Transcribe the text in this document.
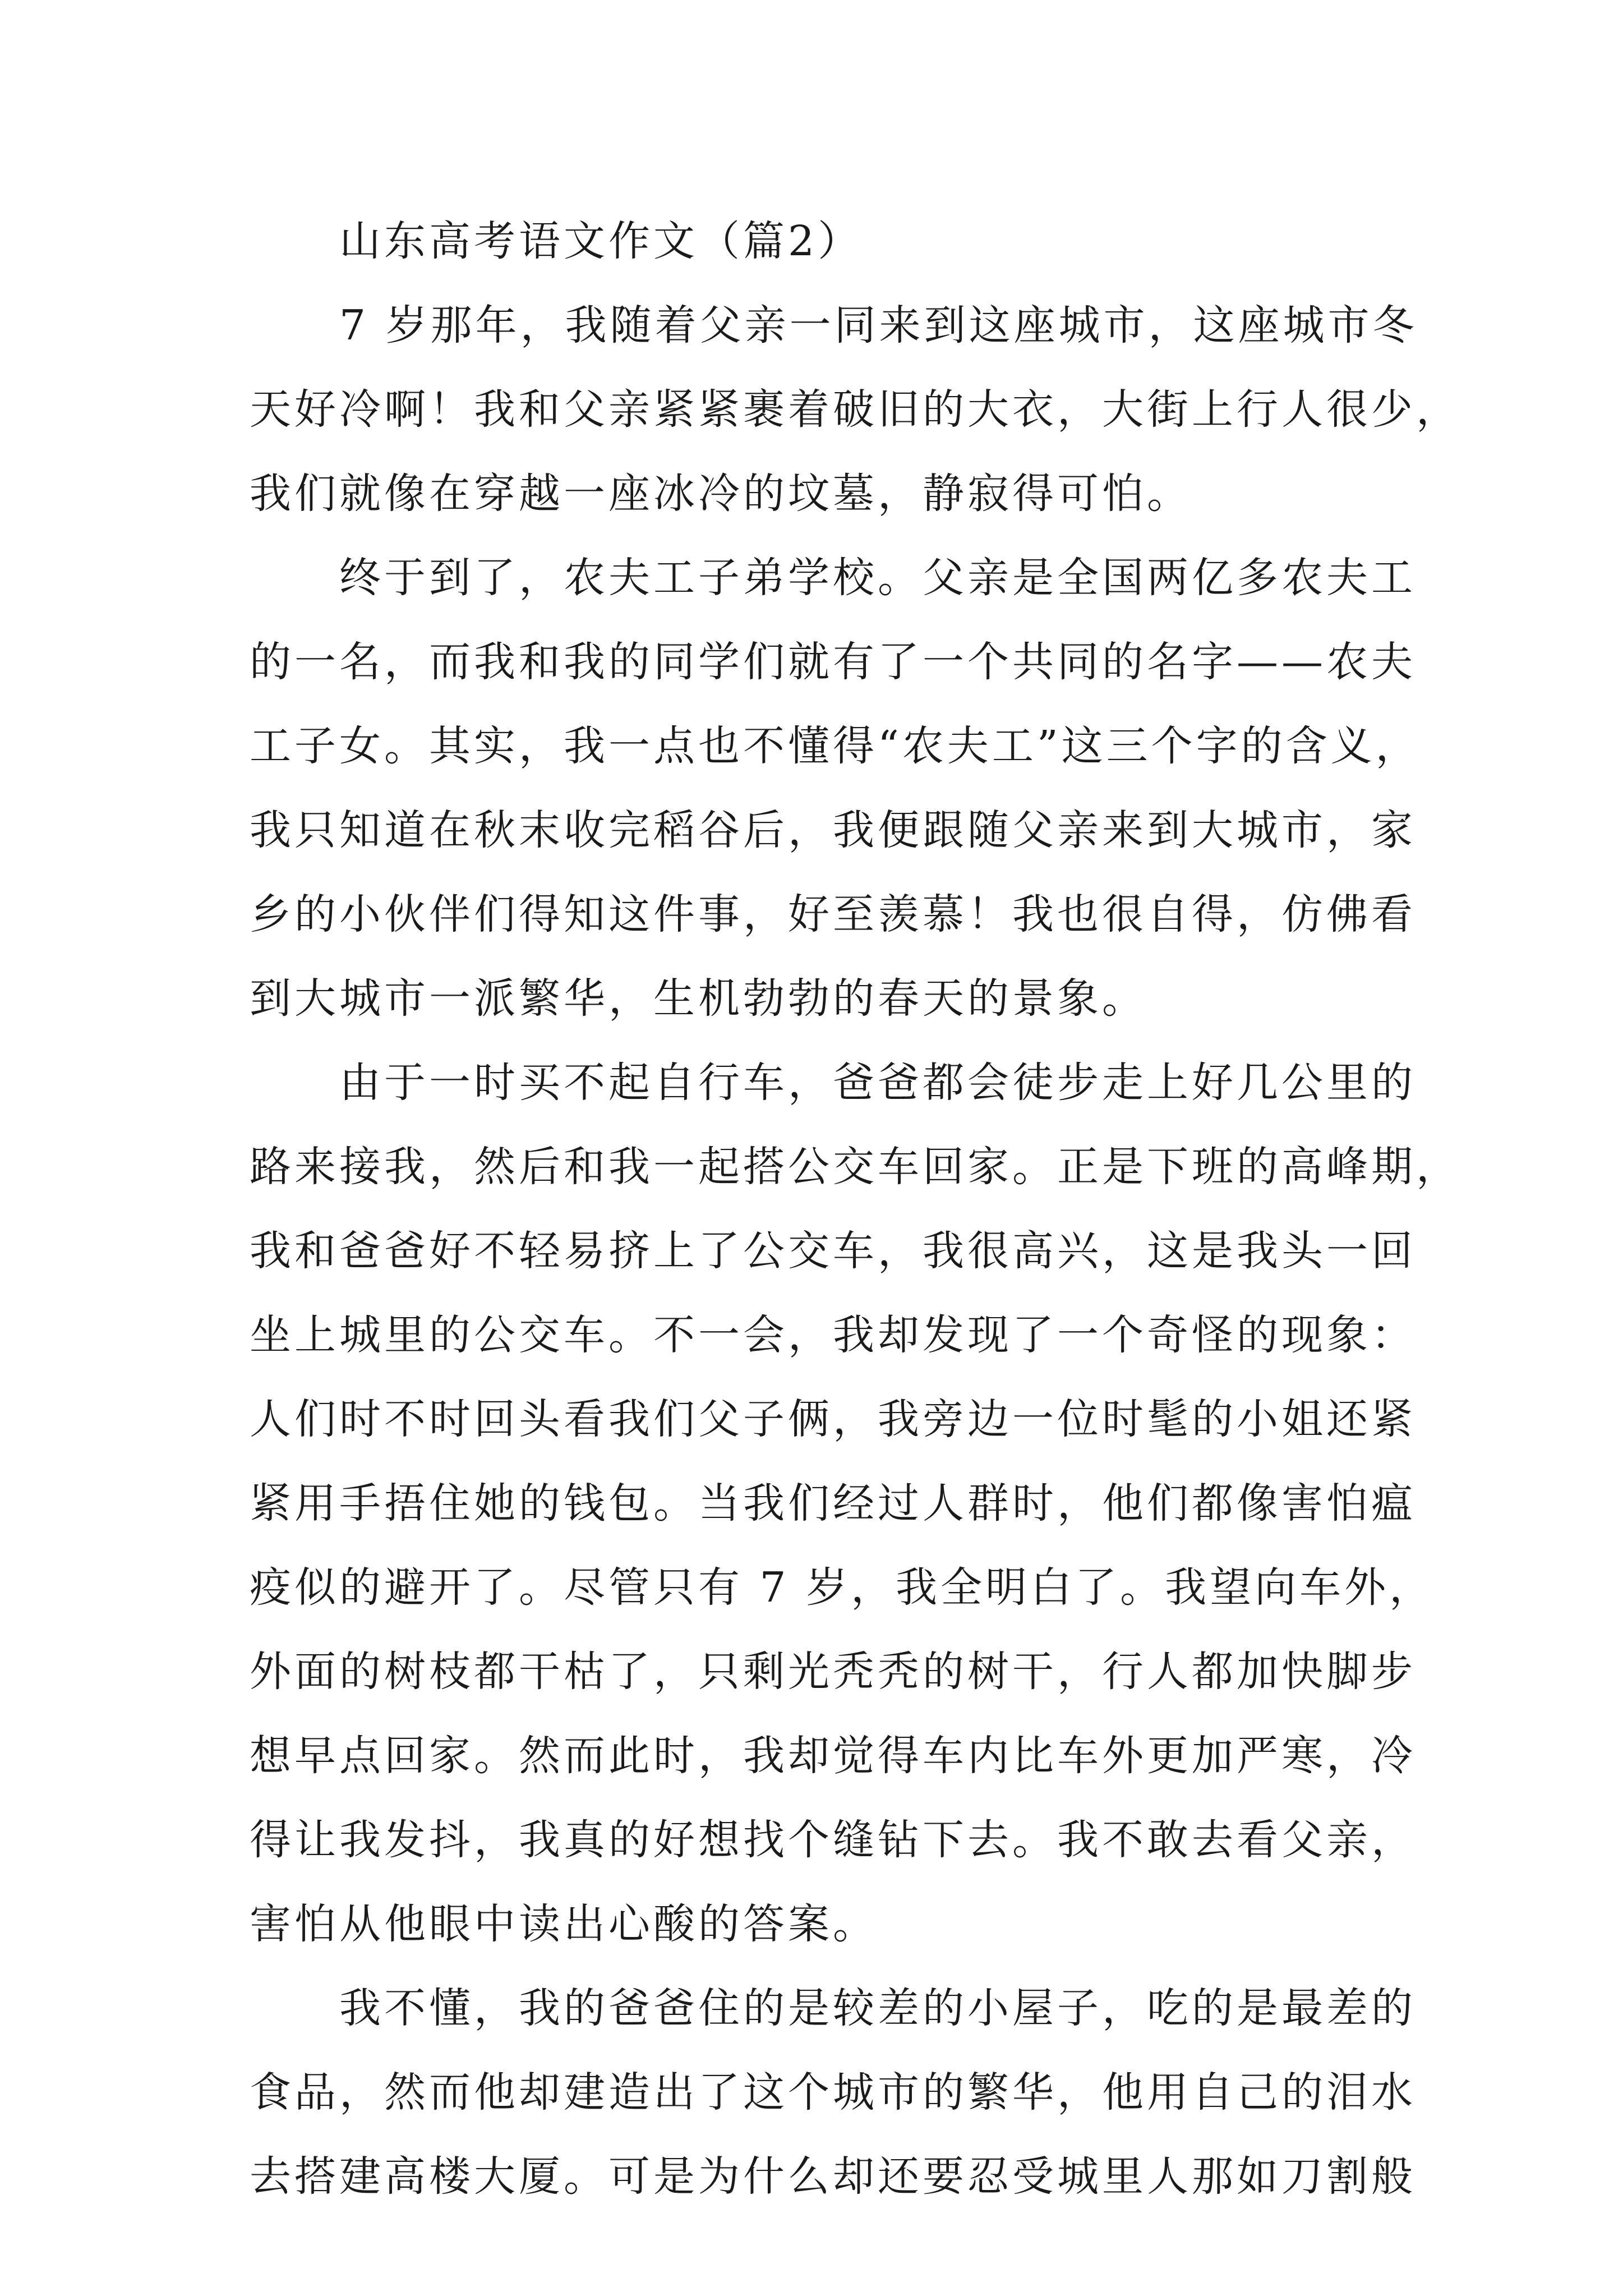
山东高考语文作文（篇2）
7 岁那年，我随着父亲一同来到这座城市，这座城市冬
天好冷啊！我和父亲紧紧裹着破旧的大衣，大街上行人很少，
我们就像在穿越一座冰冷的坟墓，静寂得可怕。
终于到了，农夫工子弟学校。父亲是全国两亿多农夫工
的一名，而我和我的同学们就有了一个共同的名字——农夫
工子女。其实，我一点也不懂得“农夫工”这三个字的含义，
我只知道在秋末收完稻谷后，我便跟随父亲来到大城市，家
乡的小伙伴们得知这件事，好至羡慕！我也很自得，仿佛看
到大城市一派繁华，生机勃勃的春天的景象。
由于一时买不起自行车，爸爸都会徒步走上好几公里的
路来接我，然后和我一起搭公交车回家。正是下班的高峰期，
我和爸爸好不轻易挤上了公交车，我很高兴，这是我头一回
坐上城里的公交车。不一会，我却发现了一个奇怪的现象：
人们时不时回头看我们父子俩，我旁边一位时髦的小姐还紧
紧用手捂住她的钱包。当我们经过人群时，他们都像害怕瘟
疫似的避开了。尽管只有 7 岁，我全明白了。我望向车外，
外面的树枝都干枯了，只剩光秃秃的树干，行人都加快脚步
想早点回家。然而此时，我却觉得车内比车外更加严寒，冷
得让我发抖，我真的好想找个缝钻下去。我不敢去看父亲，
害怕从他眼中读出心酸的答案。
我不懂，我的爸爸住的是较差的小屋子，吃的是最差的
食品，然而他却建造出了这个城市的繁华，他用自己的泪水
去搭建高楼大厦。可是为什么却还要忍受城里人那如刀割般
